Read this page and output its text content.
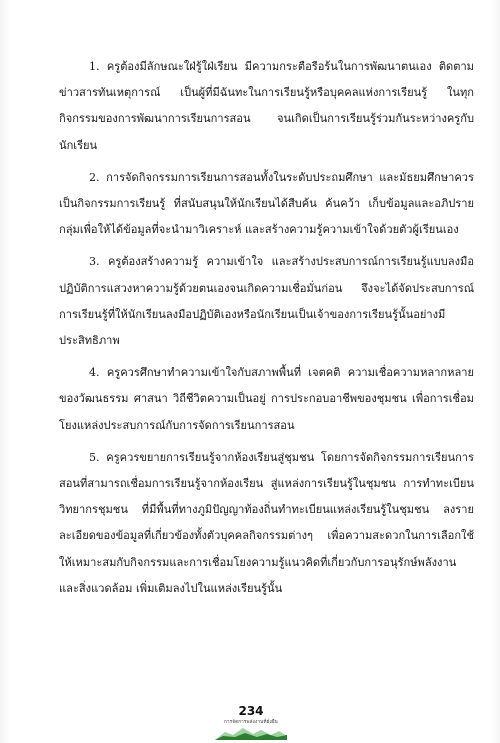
1. ครูต้องมีลักษณะใฝ่รู้ใฝ่เรียน มีความกระตือรือร้นในการพัฒนาตนเอง ติดตามข่าวสารทันเหตุการณ์ เป็นผู้ที่มีฉันทะในการเรียนรู้หรือบุคคลแห่งการเรียนรู้ ในทุกกิจกรรมของการพัฒนาการเรียนการสอน จนเกิดเป็นการเรียนรู้ร่วมกันระหว่างครูกับนักเรียน

2. การจัดกิจกรรมการเรียนการสอนทั้งในระดับประถมศึกษา และมัธยมศึกษาควรเป็นกิจกรรมการเรียนรู้ ที่สนับสนุนให้นักเรียนได้สืบค้น ค้นคว้า เก็บข้อมูลและอภิปรายกลุ่มเพื่อให้ได้ข้อมูลที่จะนำมาวิเคราะห์ และสร้างความรู้ความเข้าใจด้วยตัวผู้เรียนเอง

3. ครูต้องสร้างความรู้ ความเข้าใจ และสร้างประสบการณ์การเรียนรู้แบบลงมือปฏิบัติการแสวงหาความรู้ด้วยตนเองจนเกิดความเชื่อมั่นก่อน จึงจะได้จัดประสบการณ์การเรียนรู้ที่ให้นักเรียนลงมือปฏิบัติเองหรือนักเรียนเป็นเจ้าของการเรียนรู้นั้นอย่างมีประสิทธิภาพ

4. ครูควรศึกษาทำความเข้าใจกับสภาพพื้นที่ เจตคติ ความเชื่อความหลากหลายของวัฒนธรรม ศาสนา วิถีชีวิตความเป็นอยู่ การประกอบอาชีพของชุมชน เพื่อการเชื่อมโยงแหล่งประสบการณ์กับการจัดการเรียนการสอน

5. ครูควรขยายการเรียนรู้จากห้องเรียนสู่ชุมชน โดยการจัดกิจกรรมการเรียนการสอนที่สามารถเชื่อมการเรียนรู้จากห้องเรียน สู่แหล่งการเรียนรู้ในชุมชน การทำทะเบียน วิทยากรชุมชน ที่มีพื้นที่ทางภูมิปัญญาท้องถิ่นทำทะเบียนแหล่งเรียนรู้ในชุมชน ลงรายละเอียดของข้อมูลที่เกี่ยวข้องทั้งตัวบุคคลกิจกรรมต่างๆ เพื่อความสะดวกในการเลือกใช้ให้เหมาะสมกับกิจกรรมและการเชื่อมโยงความรู้แนวคิดที่เกี่ยวกับการอนุรักษ์พลังงานและสิ่งแวดล้อม เพิ่มเติมลงไปในแหล่งเรียนรู้นั้น

234
การจัดการพลังงานที่ยั่งยืน
